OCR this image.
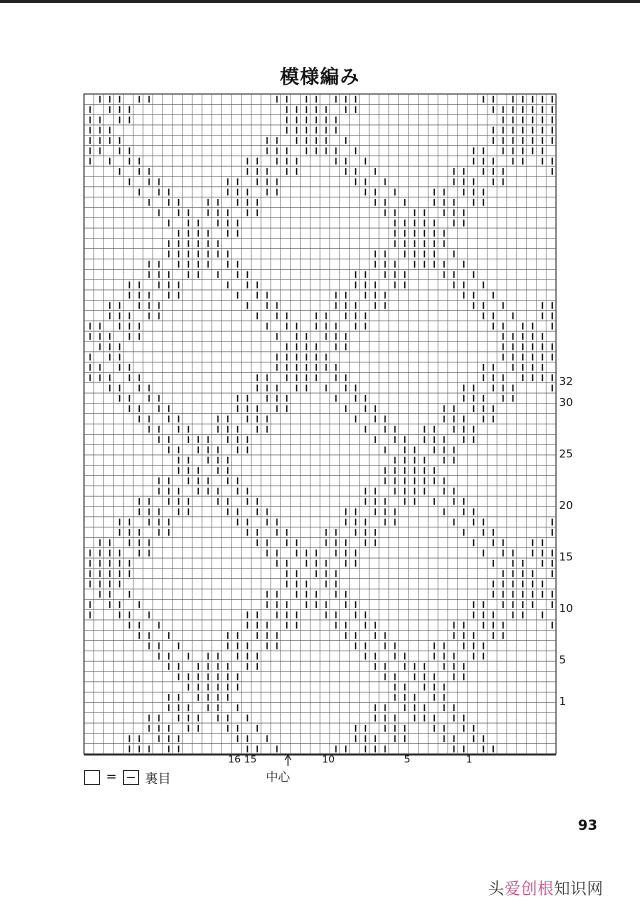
模様編み
32
30
25
20
15
10
5
1
16 15	10	5	1
= 裏目	中心
93
头爱创根知识网
